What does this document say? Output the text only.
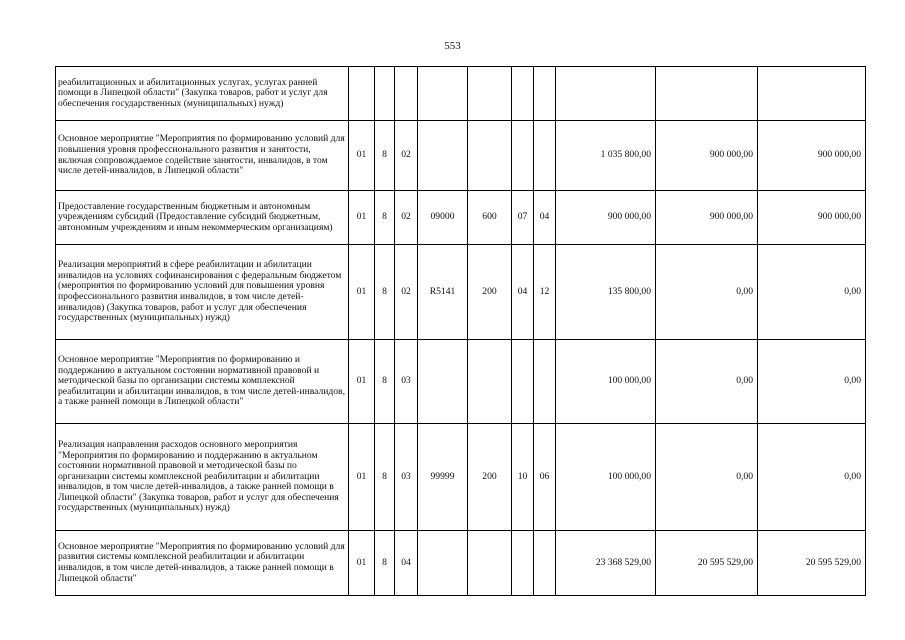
553
реабилитационных и абилитационных услугах, услугах ранней помощи в Липецкой области" (Закупка товаров, работ и услуг для обеспечения государственных (муниципальных) нужд)										
Основное мероприятие "Мероприятия по формированию условий для повышения уровня профессионального развития и занятости, включая сопровождаемое содействие занятости, инвалидов, в том числе детей-инвалидов, в Липецкой области"	01	8	02					1 035 800,00	900 000,00	900 000,00
Предоставление государственным бюджетным и автономным учреждениям субсидий (Предоставление субсидий бюджетным, автономным учреждениям и иным некоммерческим организациям)	01	8	02	09000	600	07	04	900 000,00	900 000,00	900 000,00
Реализация мероприятий в сфере реабилитации и абилитации инвалидов на условиях софинансирования с федеральным бюджетом (мероприятия по формированию условий для повышения уровня профессионального развития инвалидов, в том числе детей-инвалидов) (Закупка товаров, работ и услуг для обеспечения государственных (муниципальных) нужд)	01	8	02	R5141	200	04	12	135 800,00	0,00	0,00
Основное мероприятие "Мероприятия по формированию и поддержанию в актуальном состоянии нормативной правовой и методической базы по организации системы комплексной реабилитации и абилитации инвалидов, в том числе детей-инвалидов, а также ранней помощи в Липецкой области"	01	8	03					100 000,00	0,00	0,00
Реализация направления расходов основного мероприятия "Мероприятия по формированию и поддержанию в актуальном состоянии нормативной правовой и методической базы по организации системы комплексной реабилитации и абилитации инвалидов, в том числе детей-инвалидов, а также ранней помощи в Липецкой области" (Закупка товаров, работ и услуг для обеспечения государственных (муниципальных) нужд)	01	8	03	99999	200	10	06	100 000,00	0,00	0,00
Основное мероприятие "Мероприятия по формированию условий для развития системы комплексной реабилитации и абилитации инвалидов, в том числе детей-инвалидов, а также ранней помощи в Липецкой области"	01	8	04					23 368 529,00	20 595 529,00	20 595 529,00
